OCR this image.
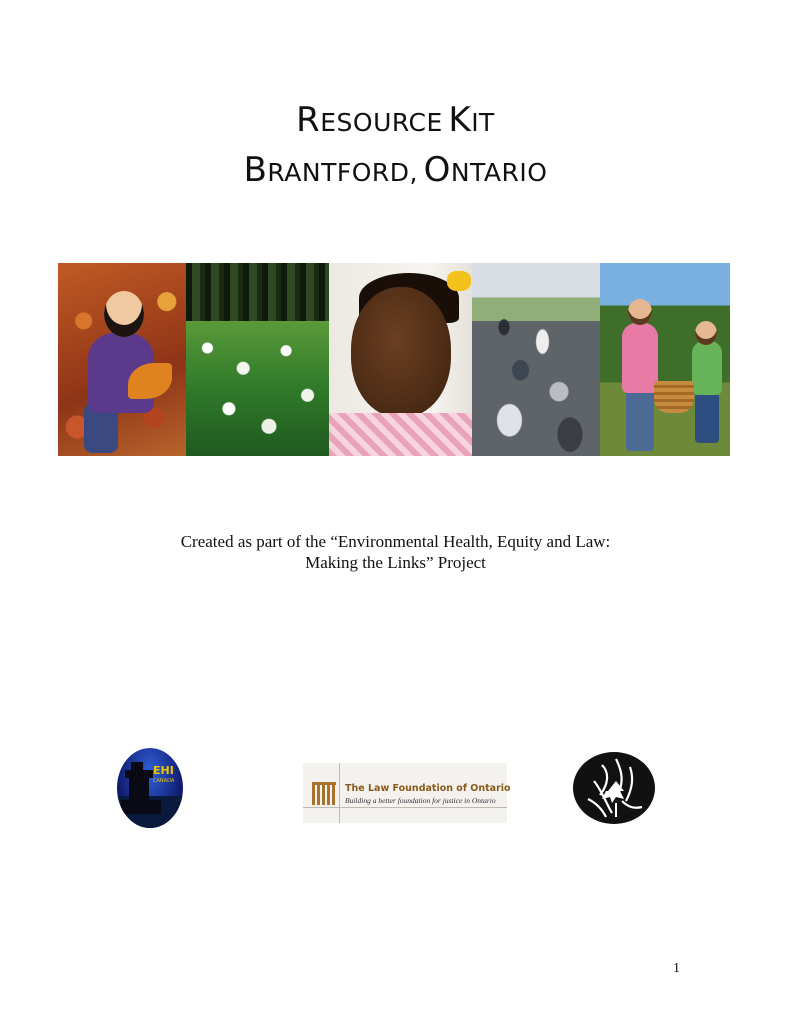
RESOURCE KIT
BRANTFORD, ONTARIO
Created as part of the “Environmental Health, Equity and Law:
Making the Links” Project
EHI
CANADA
The Law Foundation of Ontario
Building a better foundation for justice in Ontario
1
